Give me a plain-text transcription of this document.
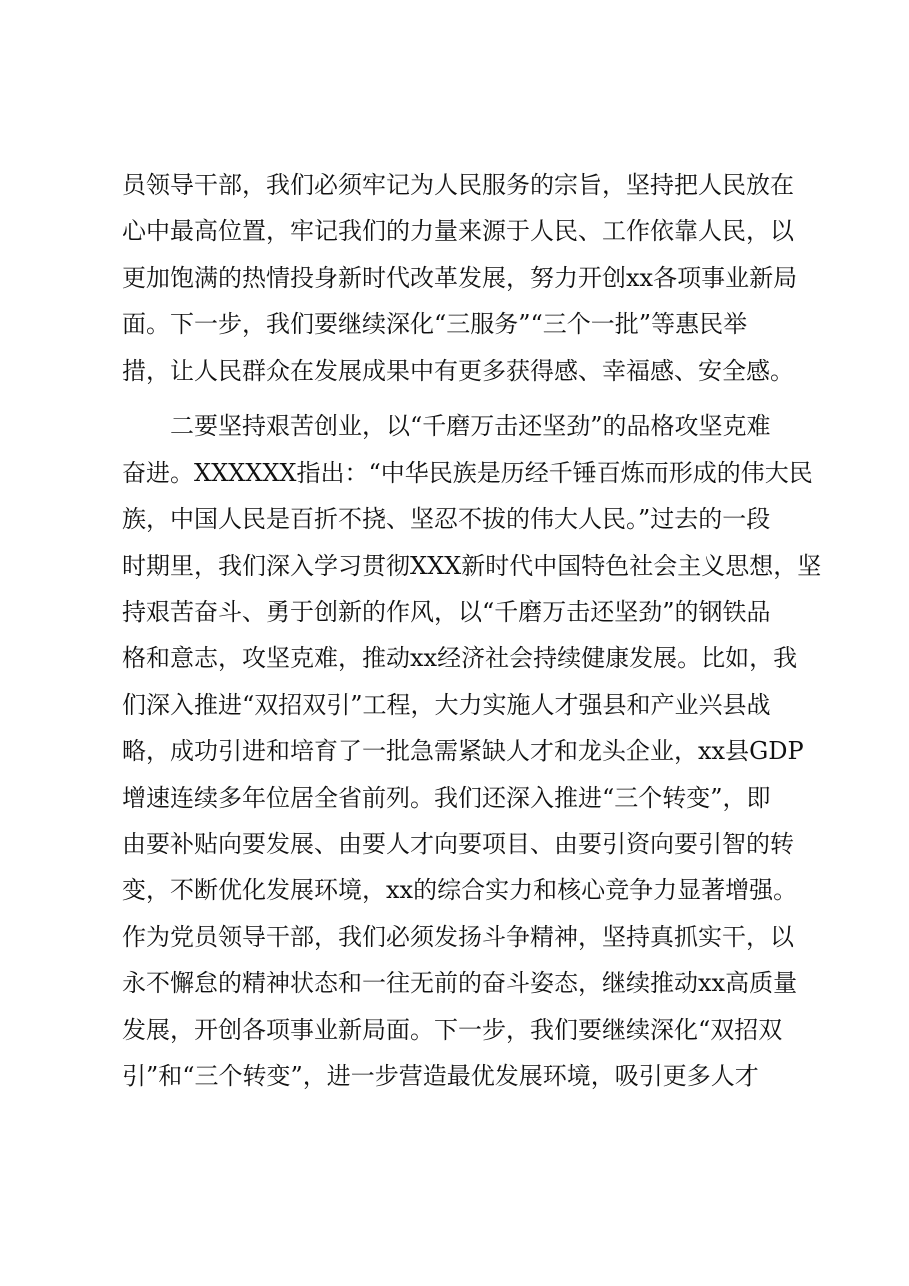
员领导干部，我们必须牢记为人民服务的宗旨，坚持把人民放在
心中最高位置，牢记我们的力量来源于人民、工作依靠人民，以
更加饱满的热情投身新时代改革发展，努力开创xx各项事业新局
面。下一步，我们要继续深化“三服务”“三个一批”等惠民举
措，让人民群众在发展成果中有更多获得感、幸福感、安全感。
二要坚持艰苦创业，以“千磨万击还坚劲”的品格攻坚克难
奋进。XXXXXX指出：“中华民族是历经千锤百炼而形成的伟大民
族，中国人民是百折不挠、坚忍不拔的伟大人民。”过去的一段
时期里，我们深入学习贯彻XXX新时代中国特色社会主义思想，坚
持艰苦奋斗、勇于创新的作风，以“千磨万击还坚劲”的钢铁品
格和意志，攻坚克难，推动xx经济社会持续健康发展。比如，我
们深入推进“双招双引”工程，大力实施人才强县和产业兴县战
略，成功引进和培育了一批急需紧缺人才和龙头企业，xx县GDP
增速连续多年位居全省前列。我们还深入推进“三个转变”，即
由要补贴向要发展、由要人才向要项目、由要引资向要引智的转
变，不断优化发展环境，xx的综合实力和核心竞争力显著增强。
作为党员领导干部，我们必须发扬斗争精神，坚持真抓实干，以
永不懈怠的精神状态和一往无前的奋斗姿态，继续推动xx高质量
发展，开创各项事业新局面。下一步，我们要继续深化“双招双
引”和“三个转变”，进一步营造最优发展环境，吸引更多人才
